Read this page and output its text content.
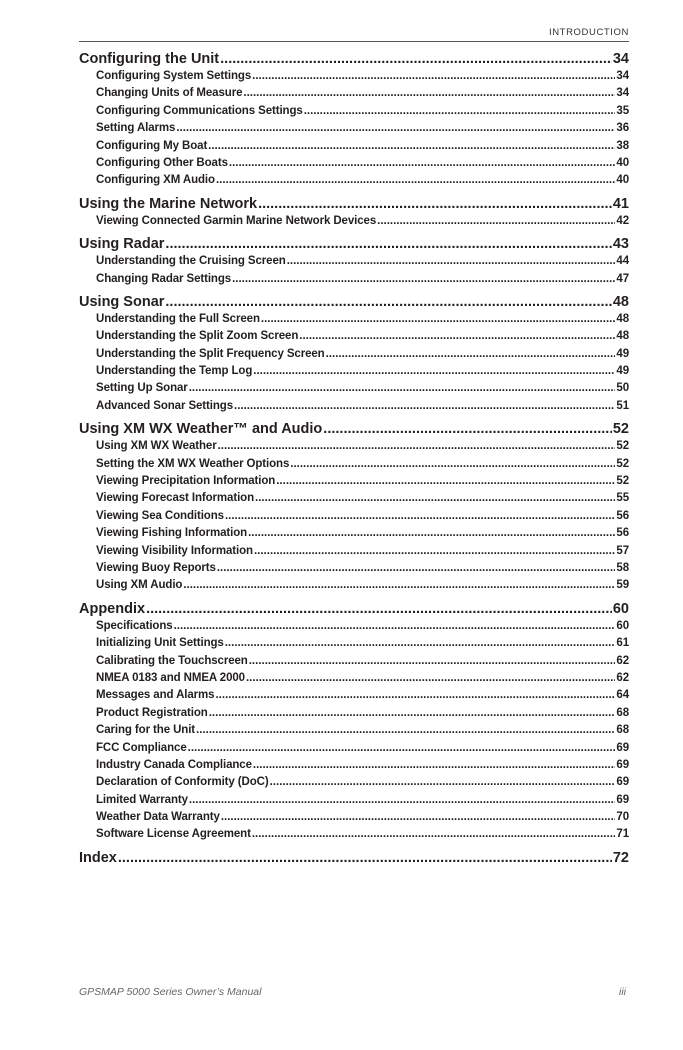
INTRODUCTION
Configuring the Unit .....	34
Configuring System Settings .....	34
Changing Units of Measure .....	34
Configuring Communications Settings .....	35
Setting Alarms .....	36
Configuring My Boat .....	38
Configuring Other Boats .....	40
Configuring XM Audio .....	40
Using the Marine Network .....	41
Viewing Connected Garmin Marine Network Devices .....	42
Using Radar .....	43
Understanding the Cruising Screen .....	44
Changing Radar Settings .....	47
Using Sonar .....	48
Understanding the Full Screen .....	48
Understanding the Split Zoom Screen .....	48
Understanding the Split Frequency Screen .....	49
Understanding the Temp Log .....	49
Setting Up Sonar .....	50
Advanced Sonar Settings .....	51
Using XM WX Weather™ and Audio .....	52
Using XM WX Weather .....	52
Setting the XM WX Weather Options .....	52
Viewing Precipitation Information .....	52
Viewing Forecast Information .....	55
Viewing Sea Conditions .....	56
Viewing Fishing Information .....	56
Viewing Visibility Information .....	57
Viewing Buoy Reports .....	58
Using XM Audio .....	59
Appendix .....	60
Specifications .....	60
Initializing Unit Settings .....	61
Calibrating the Touchscreen .....	62
NMEA 0183 and NMEA 2000 .....	62
Messages and Alarms .....	64
Product Registration .....	68
Caring for the Unit .....	68
FCC Compliance .....	69
Industry Canada Compliance .....	69
Declaration of Conformity (DoC) .....	69
Limited Warranty .....	69
Weather Data Warranty .....	70
Software License Agreement .....	71
Index .....	72
GPSMAP 5000 Series Owner’s Manual	iii
